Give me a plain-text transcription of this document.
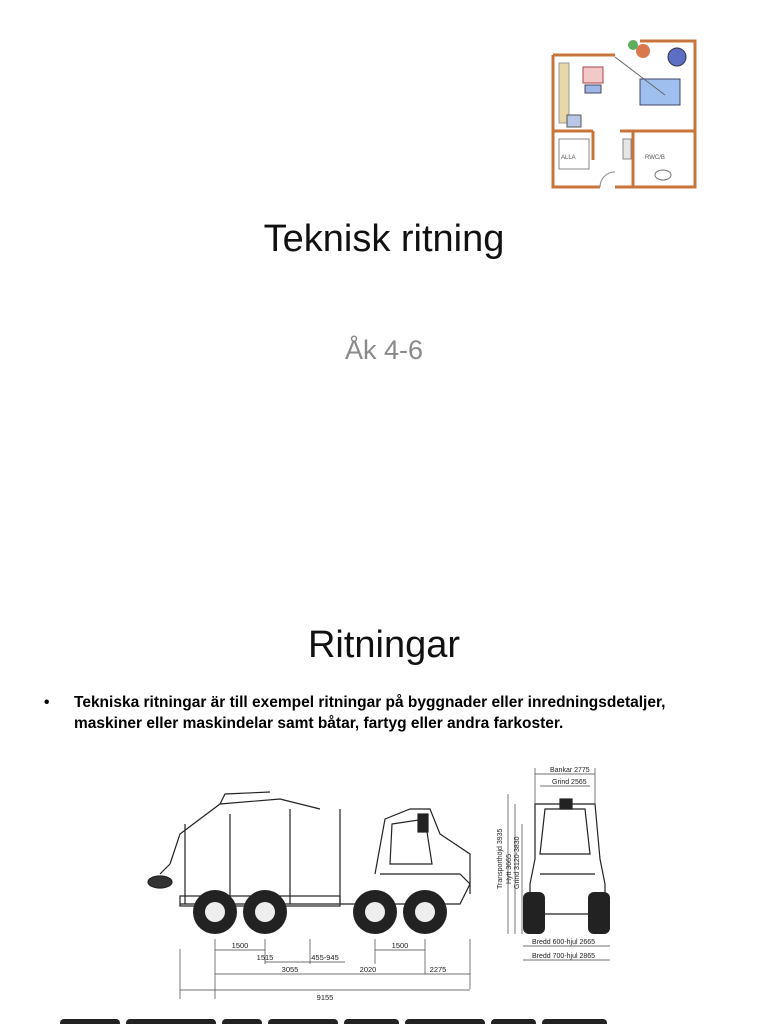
ALLA	RWC/B
Teknisk ritning
Åk 4-6
Ritningar
• Tekniska ritningar är till exempel ritningar på byggnader eller inredningsdetaljer, maskiner eller maskindelar samt båtar, fartyg eller andra farkoster.
1500
1515	455-945
1500
3055	2020	2275
9155
Bankar 2775
Grind 2565
Transporthöjd 3935 Hytt 3665 Grind 3120-3830
Bredd 600-hjul 2665
Bredd 700-hjul 2865
